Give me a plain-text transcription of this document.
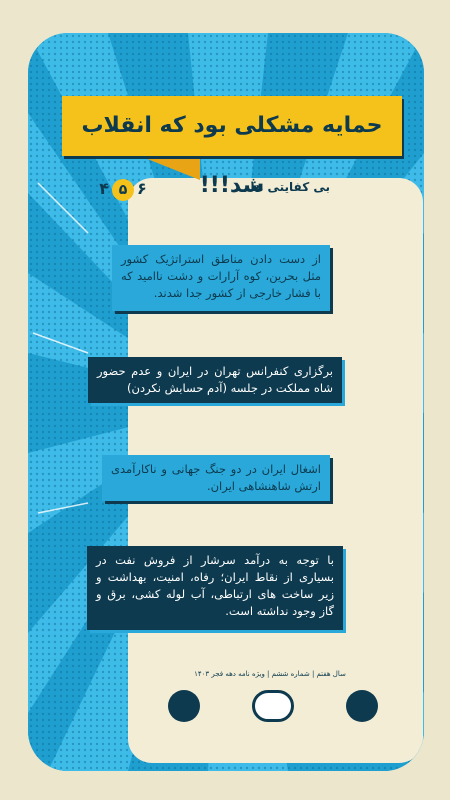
حمایه مشکلی بود که انقلاب شد!!!
۴ ۵ ۶	بی کفایتی ها
از دست دادن مناطق استراتژیک کشور مثل بحرین، کوه آرارات و دشت ناامید که با فشار خارجی از کشور جدا شدند.
برگزاری کنفرانس تهران در ایران و عدم حضور شاه مملکت در جلسه (آدم حسابش نکردن)
اشغال ایران در دو جنگ جهانی و ناکارآمدی ارتش شاهنشاهی ایران.
با توجه به درآمد سرشار از فروش نفت در بسیاری از نقاط ایران؛ رفاه، امنیت، بهداشت و زیر ساخت های ارتباطی، آب لوله کشی، برق و گاز وجود نداشته است.
سال هفتم | شماره ششم | ویژه نامه دهه فجر ۱۴۰۳
